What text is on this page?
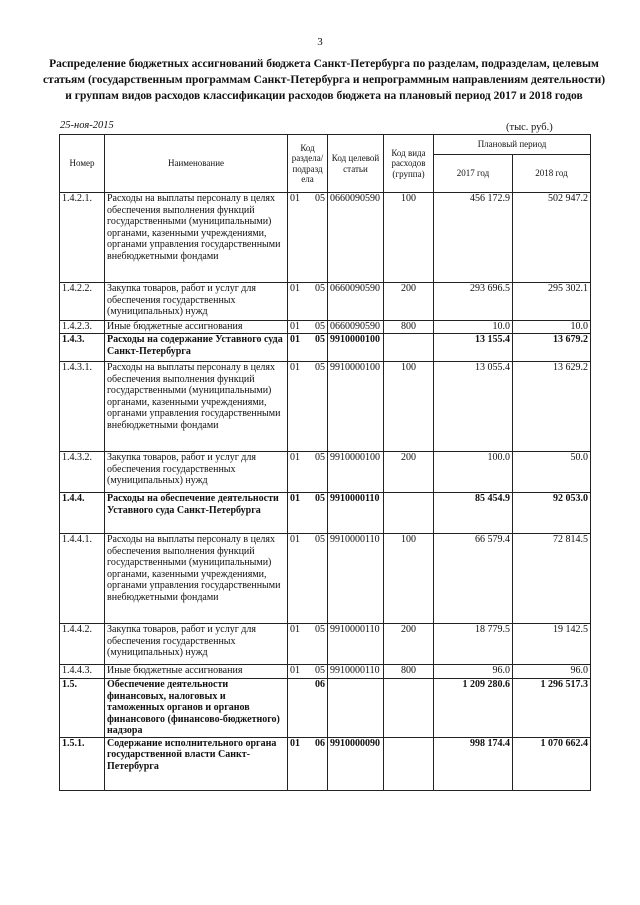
3
Распределение бюджетных ассигнований бюджета Санкт-Петербурга по разделам, подразделам, целевым статьям (государственным программам Санкт-Петербурга и непрограммным направлениям деятельности) и группам видов расходов классификации расходов бюджета на плановый период 2017 и 2018 годов
25-ноя-2015	(тыс. руб.)
Номер	Наименование	Код раздела/ подразд ела	Код целевой статьи	Код вида расходов (группа)	Плановый период	
					2017 год	2018 год
1.4.2.1.	Расходы на выплаты персоналу в целях обеспечения выполнения функций государственными (муниципальными) органами, казенными учреждениями, органами управления государственными внебюджетными фондами	01 05	0660090590	100	456 172.9	502 947.2
1.4.2.2.	Закупка товаров, работ и услуг для обеспечения государственных (муниципальных) нужд	01 05	0660090590	200	293 696.5	295 302.1
1.4.2.3.	Иные бюджетные ассигнования	01 05	0660090590	800	10.0	10.0
1.4.3.	Расходы на содержание Уставного суда Санкт-Петербурга	01 05	9910000100		13 155.4	13 679.2
1.4.3.1.	Расходы на выплаты персоналу в целях обеспечения выполнения функций государственными (муниципальными) органами, казенными учреждениями, органами управления государственными внебюджетными фондами	01 05	9910000100	100	13 055.4	13 629.2
1.4.3.2.	Закупка товаров, работ и услуг для обеспечения государственных (муниципальных) нужд	01 05	9910000100	200	100.0	50.0
1.4.4.	Расходы на обеспечение деятельности Уставного суда Санкт-Петербурга	01 05	9910000110		85 454.9	92 053.0
1.4.4.1.	Расходы на выплаты персоналу в целях обеспечения выполнения функций государственными (муниципальными) органами, казенными учреждениями, органами управления государственными внебюджетными фондами	01 05	9910000110	100	66 579.4	72 814.5
1.4.4.2.	Закупка товаров, работ и услуг для обеспечения государственных (муниципальных) нужд	01 05	9910000110	200	18 779.5	19 142.5
1.4.4.3.	Иные бюджетные ассигнования	01 05	9910000110	800	96.0	96.0
1.5.	Обеспечение деятельности финансовых, налоговых и таможенных органов и органов финансового (финансово-бюджетного) надзора	06			1 209 280.6	1 296 517.3
1.5.1.	Содержание исполнительного органа государственной власти Санкт-Петербурга	01 06	9910000090		998 174.4	1 070 662.4
